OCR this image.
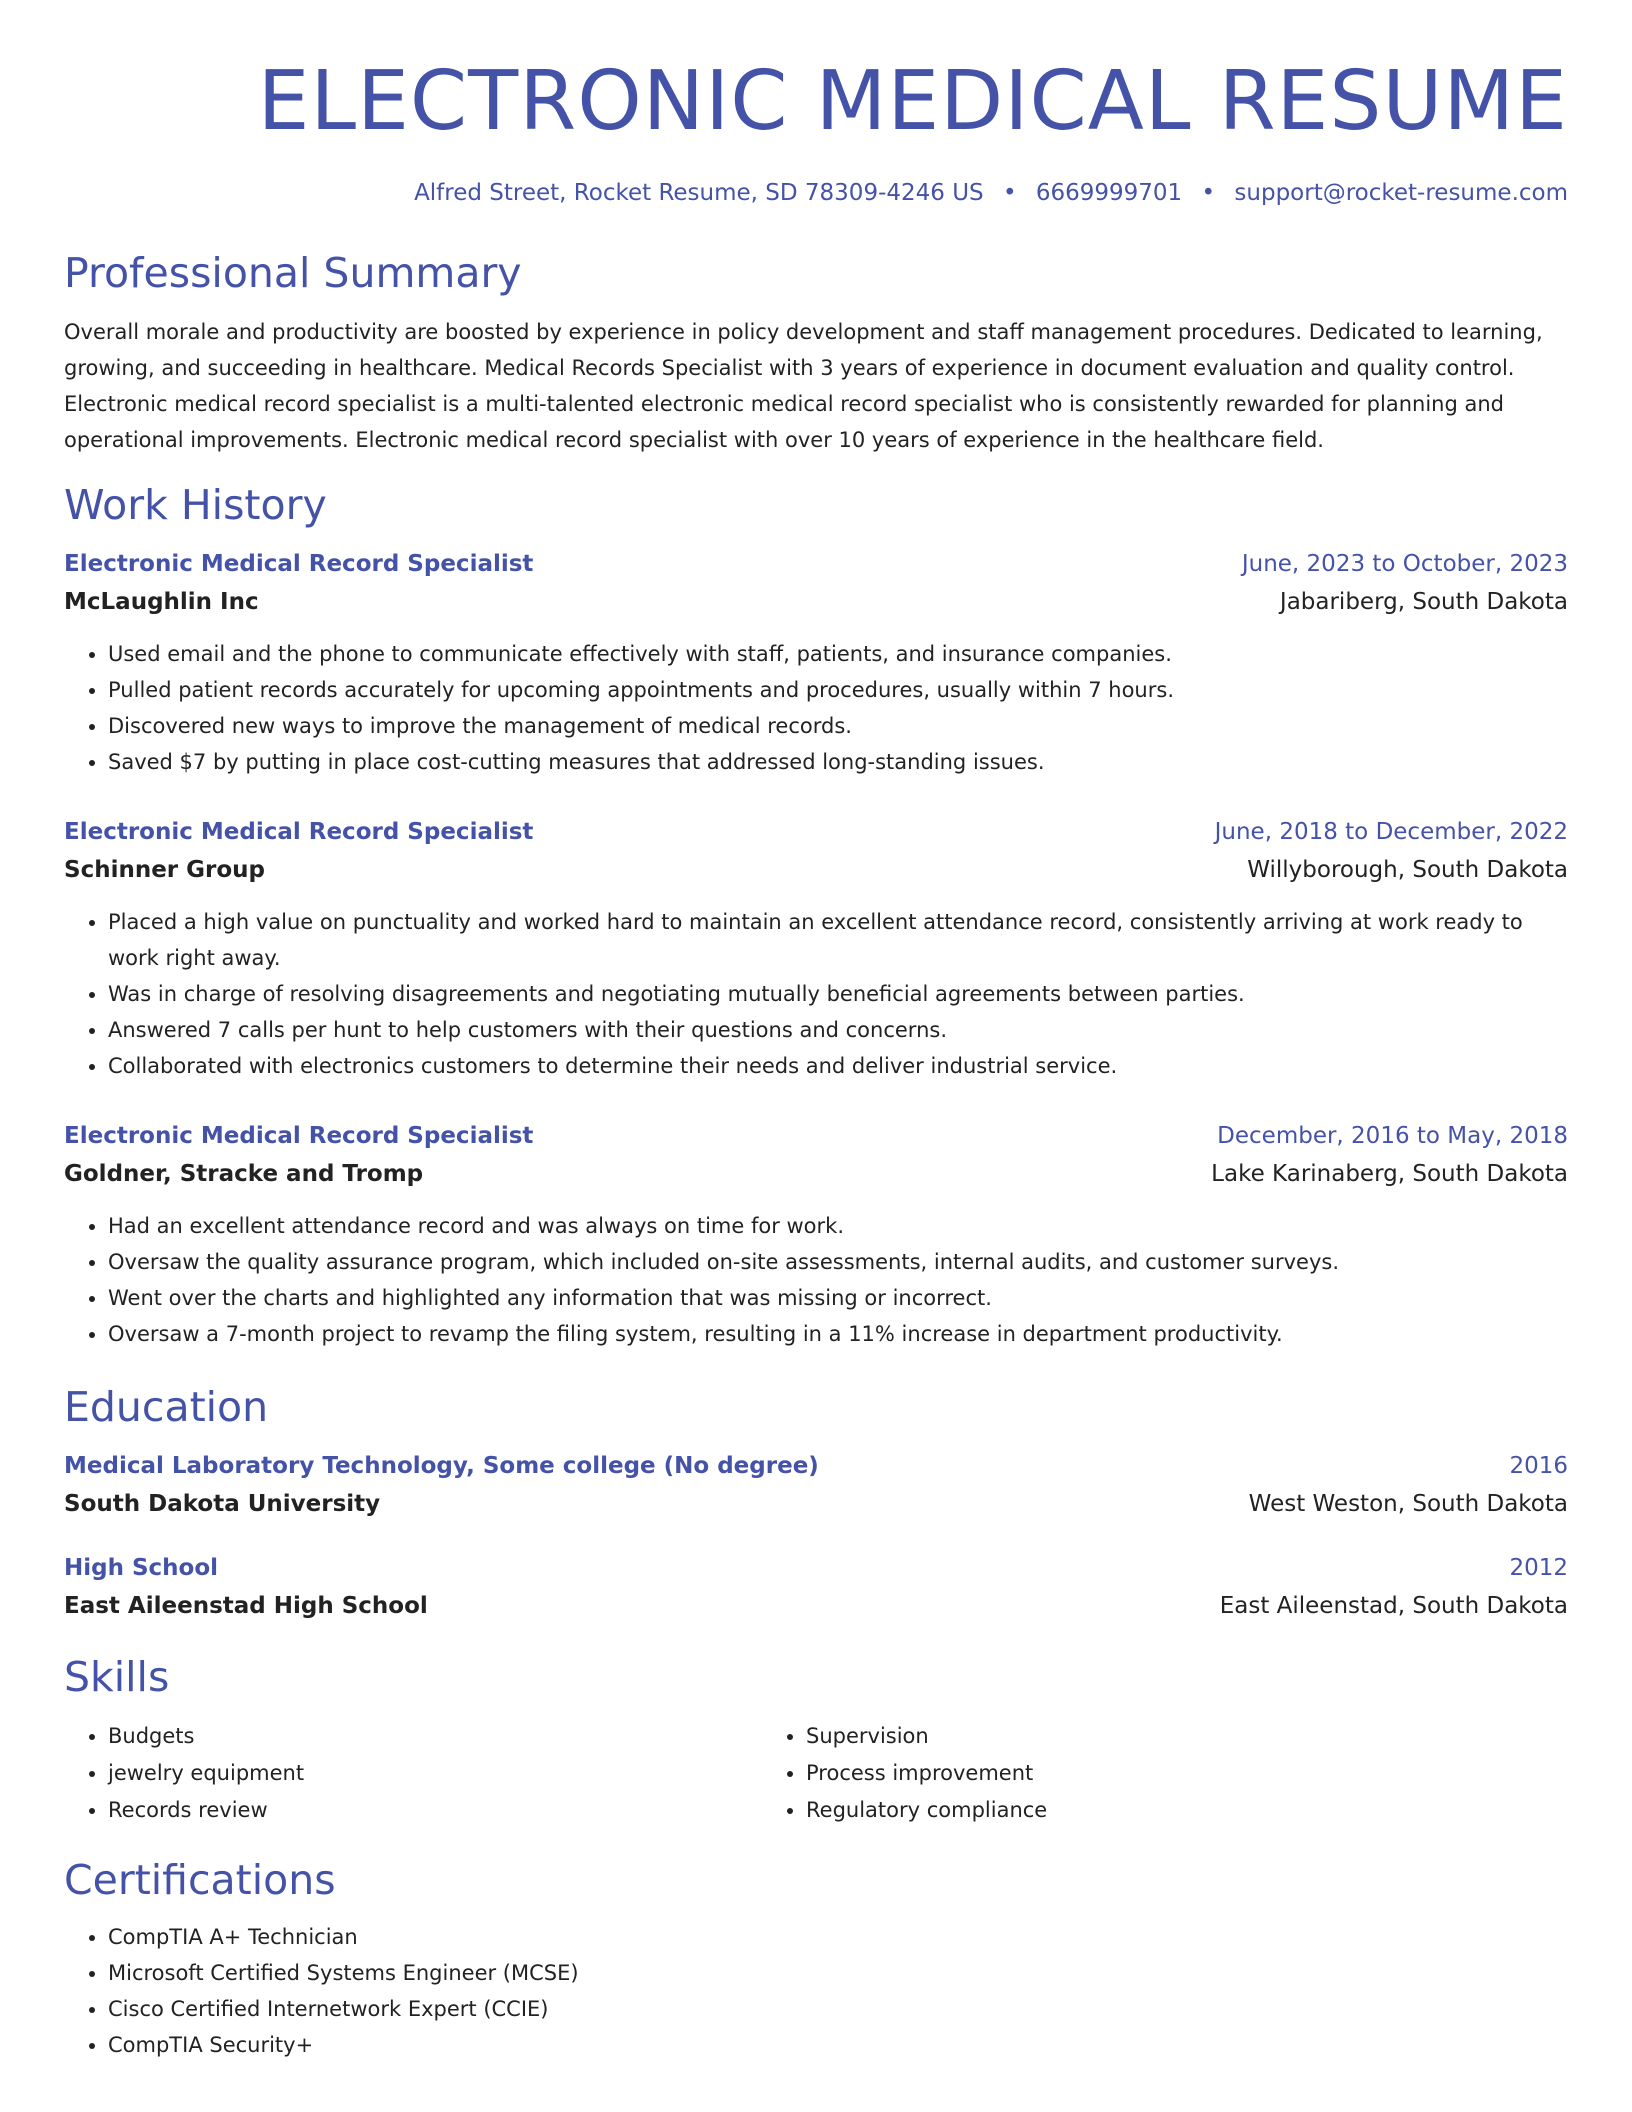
ELECTRONIC MEDICAL RESUME
Alfred Street, Rocket Resume, SD 78309-4246 US • 6669999701 • support@rocket-resume.com
Professional Summary
Overall morale and productivity are boosted by experience in policy development and staff management procedures. Dedicated to learning, growing, and succeeding in healthcare. Medical Records Specialist with 3 years of experience in document evaluation and quality control. Electronic medical record specialist is a multi-talented electronic medical record specialist who is consistently rewarded for planning and operational improvements. Electronic medical record specialist with over 10 years of experience in the healthcare field.
Work History
Electronic Medical Record Specialist	June, 2023 to October, 2023
McLaughlin Inc	Jabariberg, South Dakota
• Used email and the phone to communicate effectively with staff, patients, and insurance companies.
• Pulled patient records accurately for upcoming appointments and procedures, usually within 7 hours.
• Discovered new ways to improve the management of medical records.
• Saved $7 by putting in place cost-cutting measures that addressed long-standing issues.
Electronic Medical Record Specialist	June, 2018 to December, 2022
Schinner Group	Willyborough, South Dakota
• Placed a high value on punctuality and worked hard to maintain an excellent attendance record, consistently arriving at work ready to work right away.
• Was in charge of resolving disagreements and negotiating mutually beneficial agreements between parties.
• Answered 7 calls per hunt to help customers with their questions and concerns.
• Collaborated with electronics customers to determine their needs and deliver industrial service.
Electronic Medical Record Specialist	December, 2016 to May, 2018
Goldner, Stracke and Tromp	Lake Karinaberg, South Dakota
• Had an excellent attendance record and was always on time for work.
• Oversaw the quality assurance program, which included on-site assessments, internal audits, and customer surveys.
• Went over the charts and highlighted any information that was missing or incorrect.
• Oversaw a 7-month project to revamp the filing system, resulting in a 11% increase in department productivity.
Education
Medical Laboratory Technology, Some college (No degree)	2016
South Dakota University	West Weston, South Dakota
High School	2012
East Aileenstad High School	East Aileenstad, South Dakota
Skills
• Budgets
• jewelry equipment
• Records review
• Supervision
• Process improvement
• Regulatory compliance
Certifications
• CompTIA A+ Technician
• Microsoft Certified Systems Engineer (MCSE)
• Cisco Certified Internetwork Expert (CCIE)
• CompTIA Security+
